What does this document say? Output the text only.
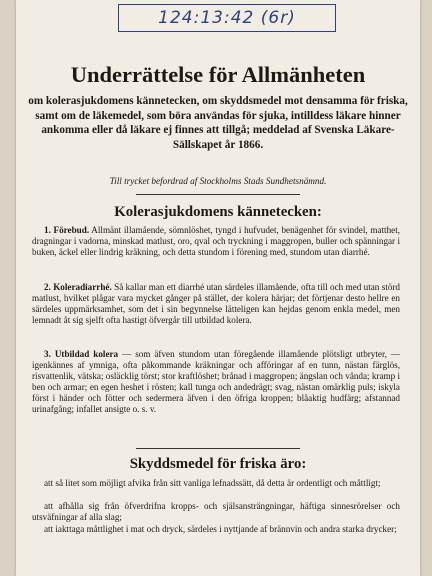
124:13:42 (6r)
Underrättelse för Allmänheten

om kolerasjukdomens kännetecken, om skyddsmedel mot densamma för friska, samt om de läkemedel, som böra användas för sjuka, intilldess läkare hinner ankomma eller då läkare ej finnes att tillgå; meddelad af Svenska Läkare-Sällskapet år 1866.

Till trycket befordrad af Stockholms Stads Sundhetsnämnd.

Kolerasjukdomens kännetecken:

1. Förebud. Allmänt illamående, sömnlöshet, tyngd i hufvudet, benägenhet för svindel, matthet, dragningar i vadorna, minskad matlust, oro, qval och tryckning i maggropen, buller och spänningar i buken, äckel eller lindrig kräkning, och detta stundom i förening med, stundom utan diarrhé.

2. Koleradiarrhé. Så kallar man ett diarrhé utan särdeles illamående, ofta till och med utan störd matlust, hvilket plågar vara mycket gånger på stället, der kolera härjar; det förtjenar desto hellre en särdeles uppmärksamhet, som det i sin begynnelse lätteligen kan hejdas genom enkla medel, men lemnadt åt sig sjelft ofta hastigt öfvergår till utbildad kolera.

3. Utbildad kolera — som äfven stundom utan föregående illamående plötsligt utbryter, — igenkännes af ymniga, ofta påkommande kräkningar och afföringar af en tunn, nästan färglös, risvattenlik, vätska; osläcklig törst; stor kraftlöshet; brånad i maggropen; ängslan och vånda; kramp i ben och armar; en egen heshet i rösten; kall tunga och andedrägt; svag, nästan omärklig puls; iskyla först i händer och fötter och sedermera äfven i den öfriga kroppen; blåaktig hudfärg; afstannad urinafgång; infallet ansigte o. s. v.

Skyddsmedel för friska äro:

att så litet som möjligt afvika från sitt vanliga lefnadssätt, då detta är ordentligt och måttligt;

att afhålla sig från öfverdrifna kropps- och själsansträngningar, häftiga sinnesrörelser och utsväfningar af alla slag;

att iakttaga måttlighet i mat och dryck, särdeles i nyttjande af brännvin och andra starka drycker;
